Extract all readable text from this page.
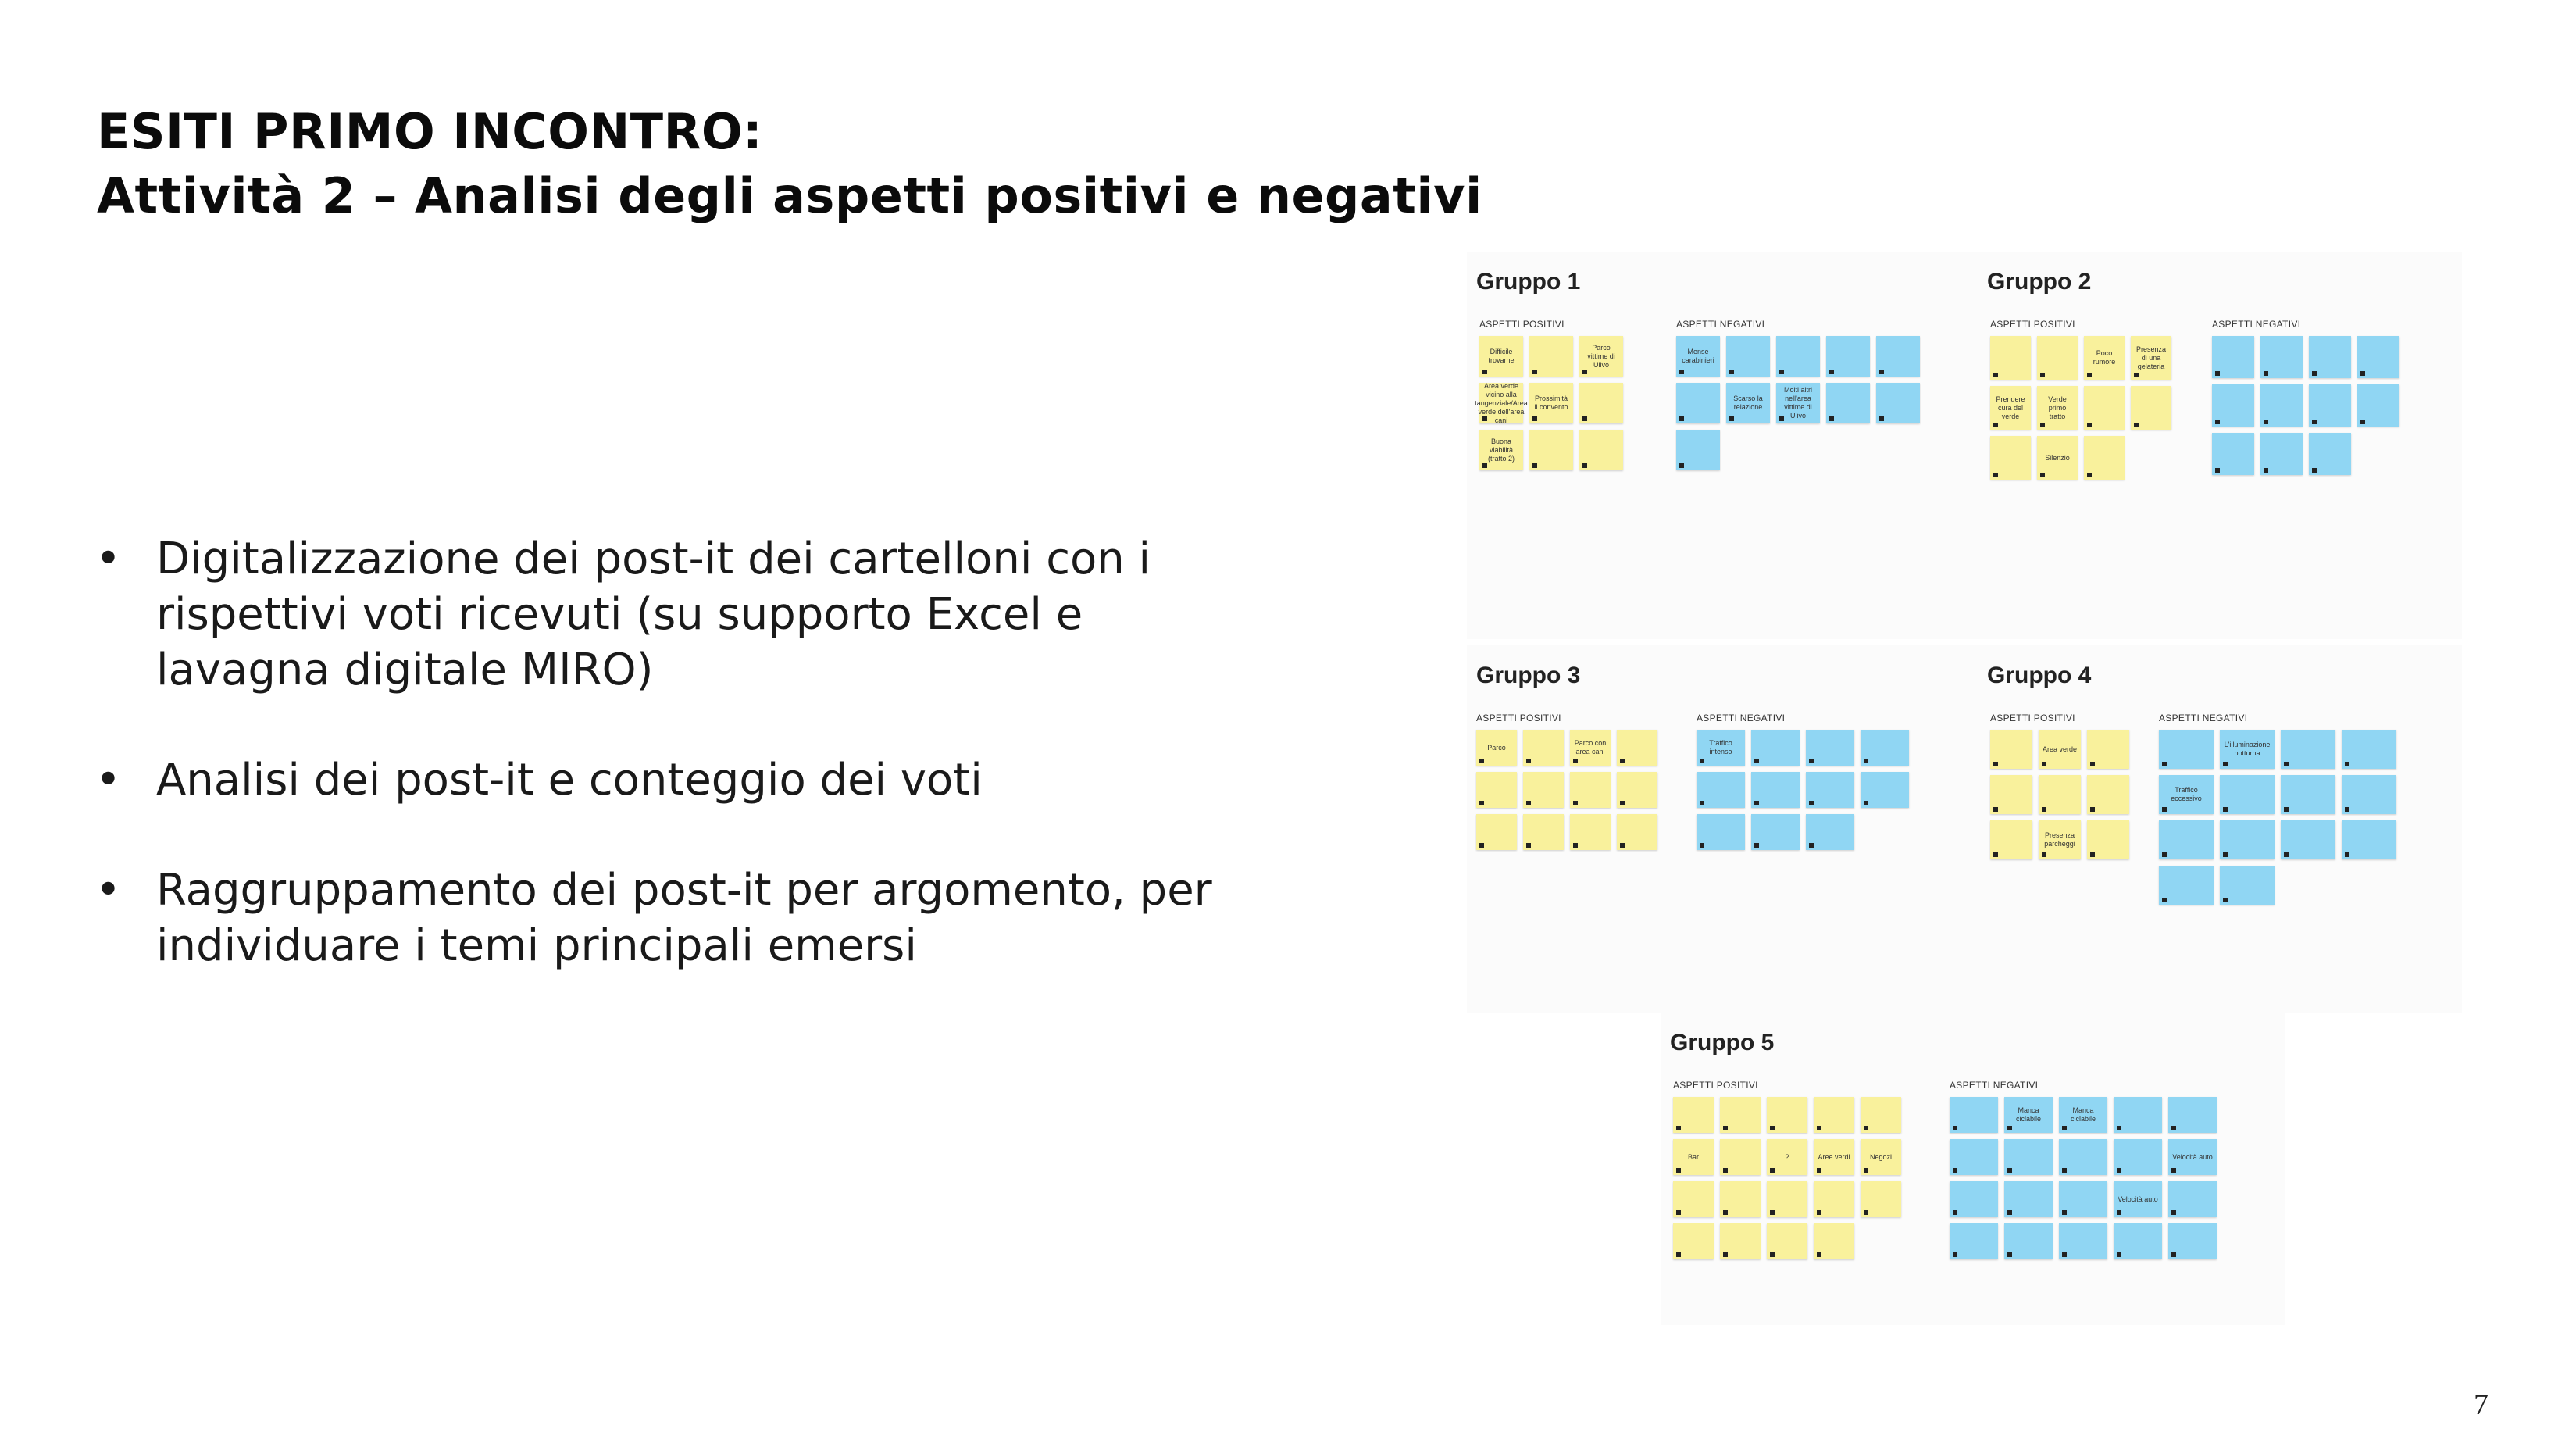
ESITI PRIMO INCONTRO:
Attività 2 – Analisi degli aspetti positivi e negativi
• Digitalizzazione dei post-it dei cartelloni con i rispettivi voti ricevuti (su supporto Excel e lavagna digitale MIRO)
• Analisi dei post-it e conteggio dei voti
• Raggruppamento dei post-it per argomento, per individuare i temi principali emersi
Gruppo 1
ASPETTI POSITIVI
Difficile trovarne
Parco vittime di Ulivo
Area verde vicino alla tangenziale/Area verde dell'area cani
Prossimità il convento
Buona viabilità (tratto 2)
ASPETTI NEGATIVI
Mense carabinieri
Scarso la relazione
Molti altri nell'area vittime di Ulivo
Gruppo 2
ASPETTI POSITIVI
Poco rumore
Presenza di una gelateria
Prendere cura del verde
Verde primo tratto
Silenzio
ASPETTI NEGATIVI
Gruppo 3
ASPETTI POSITIVI
Parco
Parco con area cani
ASPETTI NEGATIVI
Traffico intenso
Gruppo 4
ASPETTI POSITIVI
Area verde
Presenza parcheggi
ASPETTI NEGATIVI
L'illuminazione notturna
Traffico eccessivo
Gruppo 5
ASPETTI POSITIVI
Bar	?	Aree verdi	Negozi
ASPETTI NEGATIVI
Manca ciclabile
Manca ciclabile
Velocità auto
Velocità auto
7
